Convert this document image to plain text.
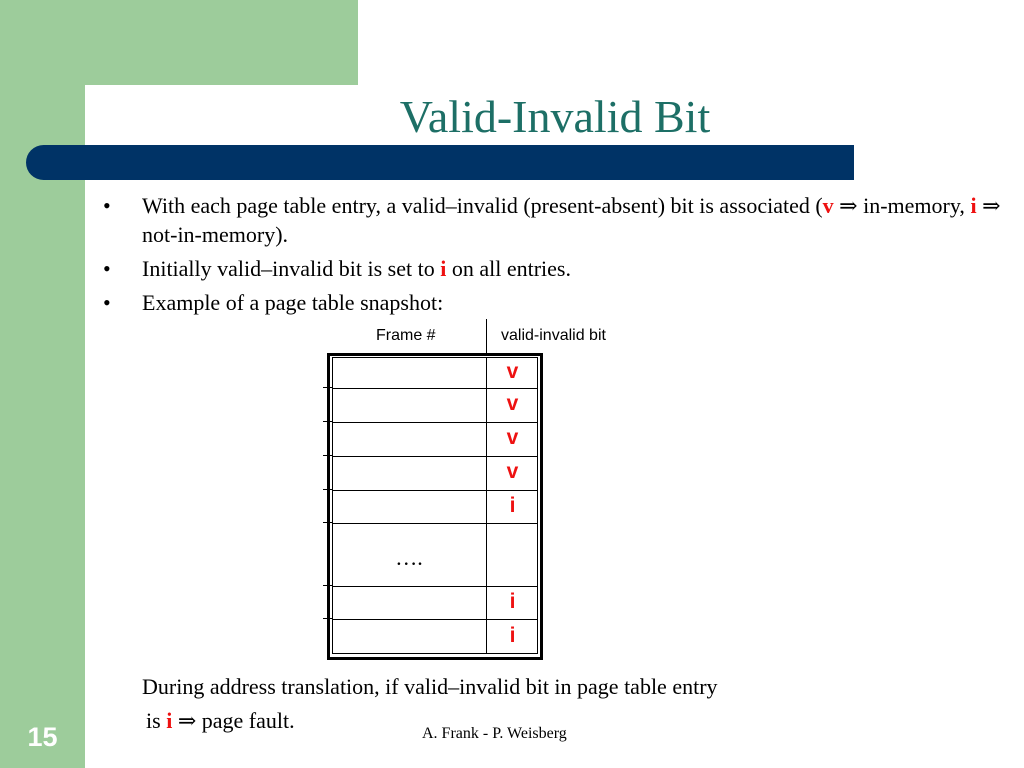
Valid-Invalid Bit
• With each page table entry, a valid–invalid (present-absent) bit is associated (v ⇒ in-memory, i ⇒ not-in-memory).
• Initially valid–invalid bit is set to i on all entries.
• Example of a page table snapshot:
Frame #	valid-invalid bit
v
v
v
v
i
….
i
i
During address translation, if valid–invalid bit in page table entry
is i ⇒ page fault.
A. Frank - P. Weisberg
15
